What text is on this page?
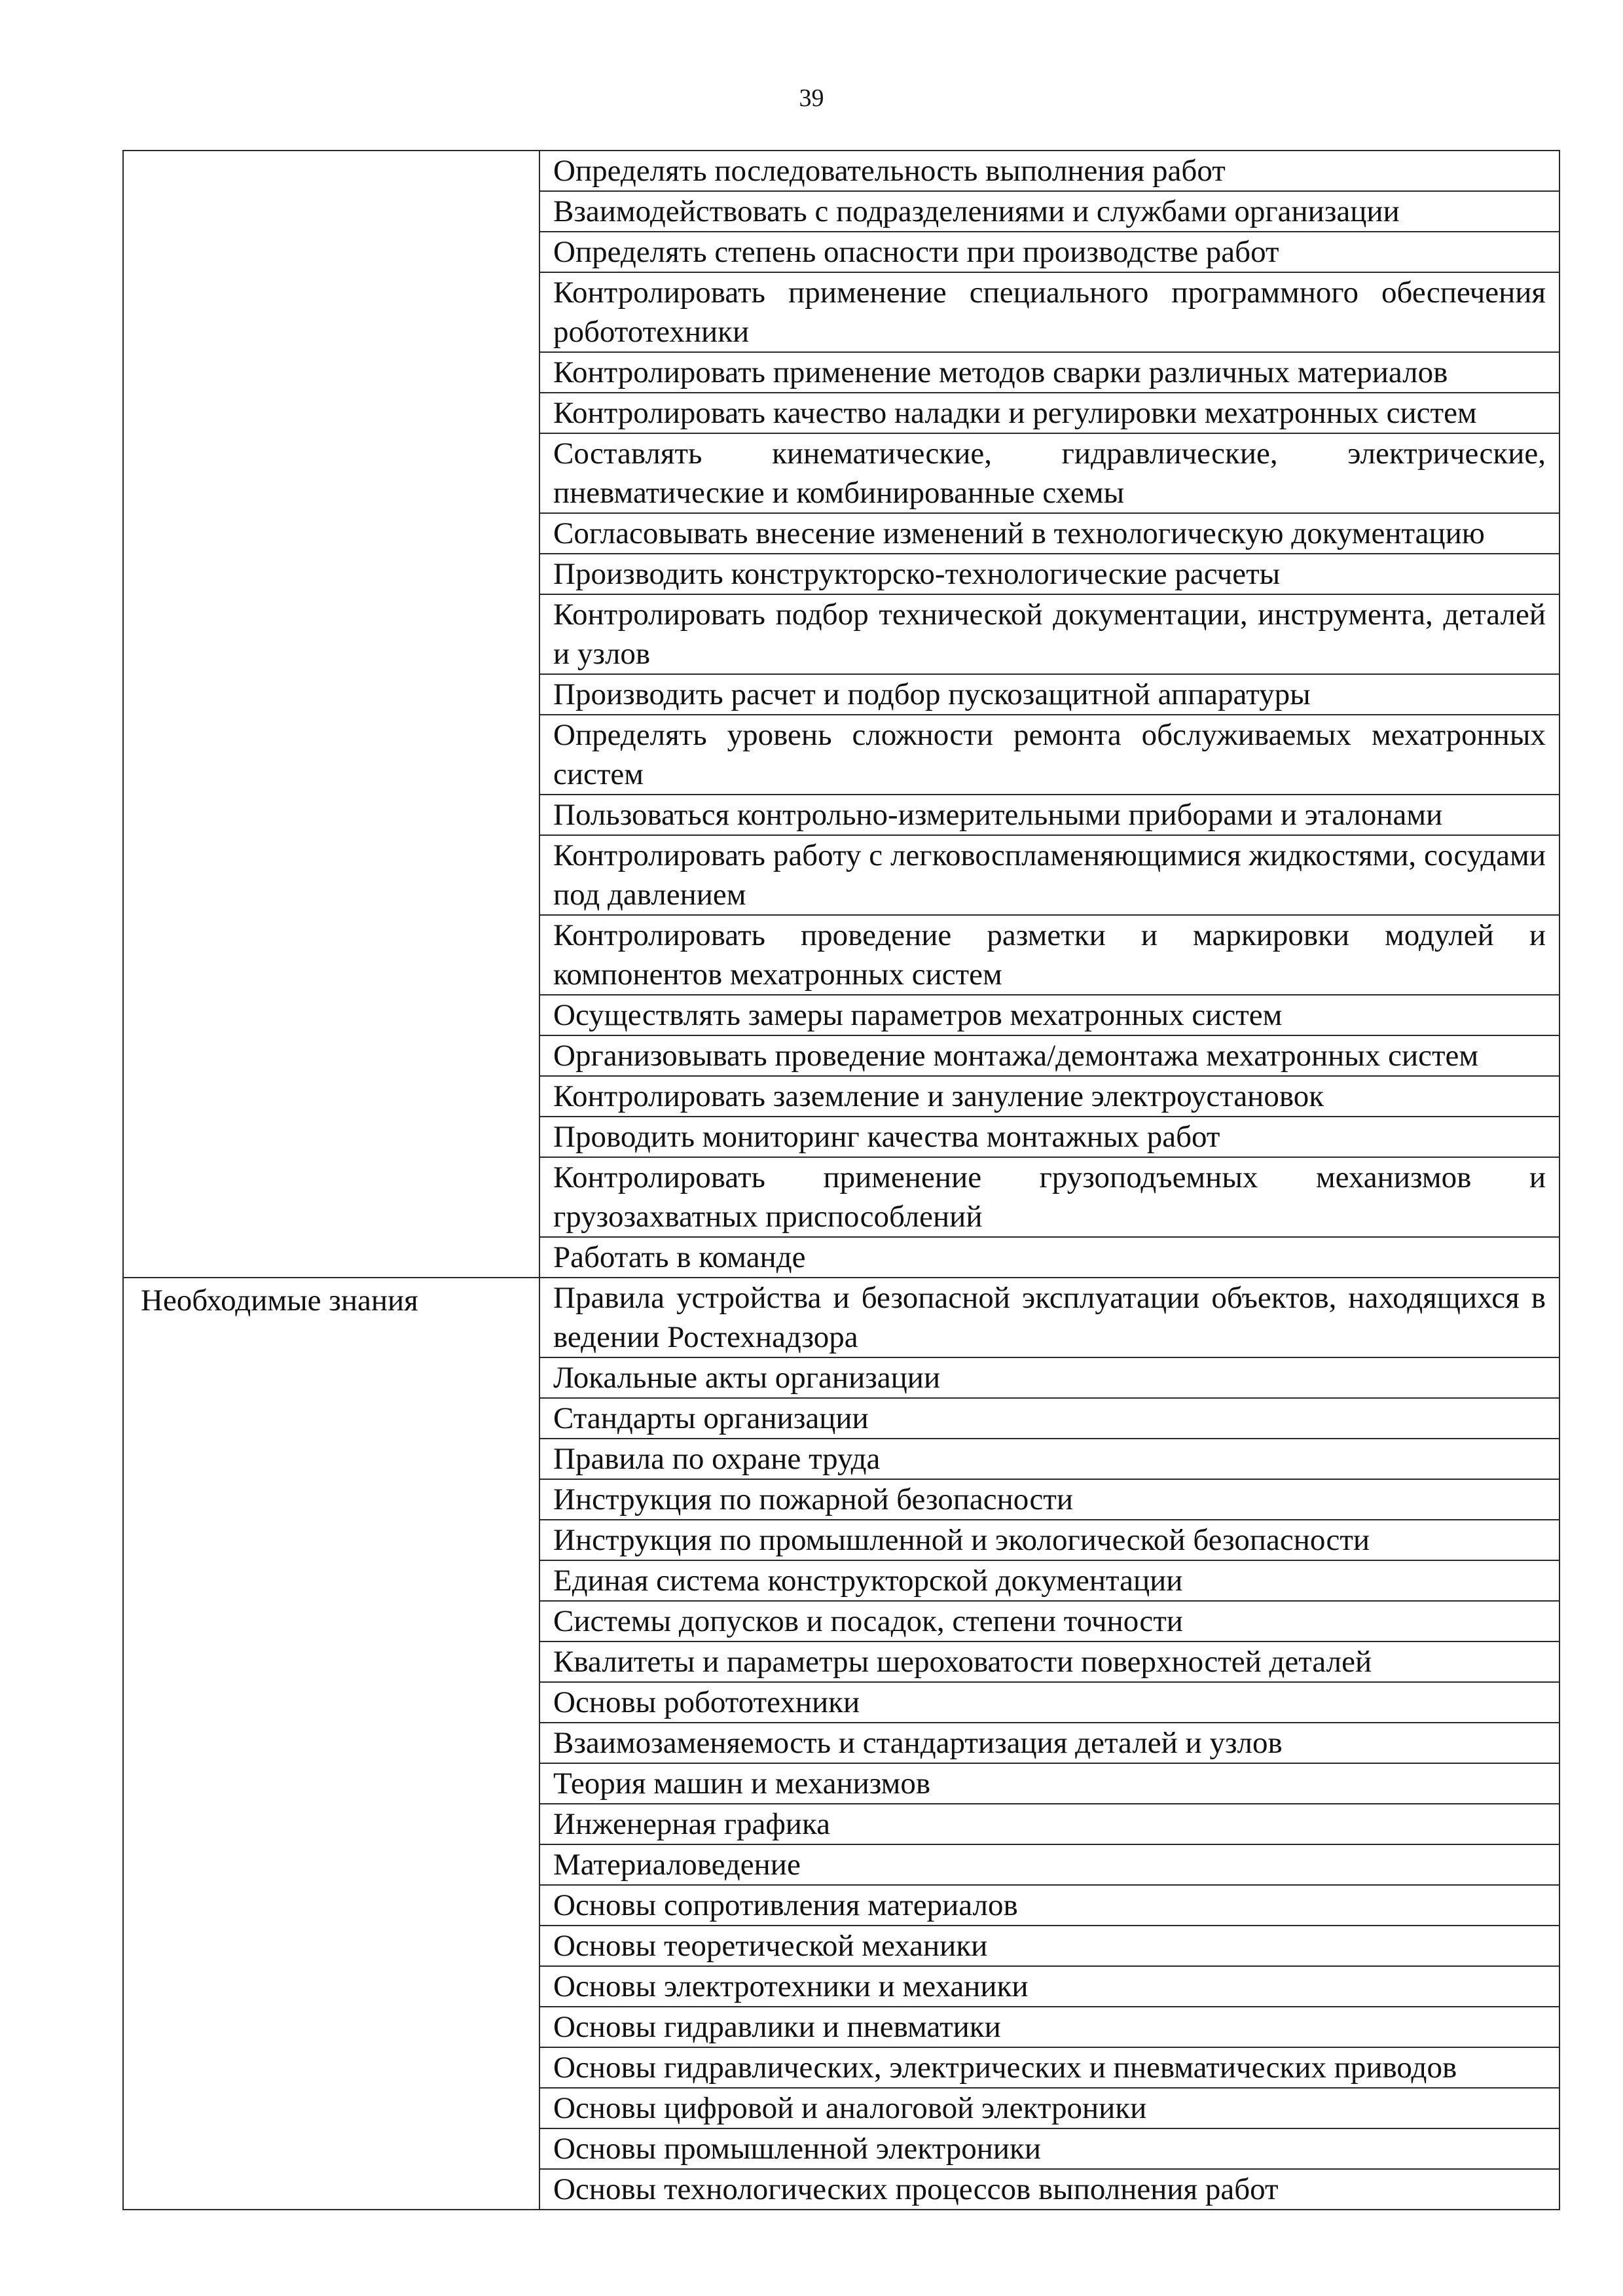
39
	Определять последовательность выполнения работ
	Взаимодействовать с подразделениями и службами организации
	Определять степень опасности при производстве работ
	Контролировать применение специального программного обеспечения робототехники
	Контролировать применение методов сварки различных материалов
	Контролировать качество наладки и регулировки мехатронных систем
	Составлять кинематические, гидравлические, электрические, пневматические и комбинированные схемы
	Согласовывать внесение изменений в технологическую документацию
	Производить конструкторско-технологические расчеты
	Контролировать подбор технической документации, инструмента, деталей и узлов
	Производить расчет и подбор пускозащитной аппаратуры
	Определять уровень сложности ремонта обслуживаемых мехатронных систем
	Пользоваться контрольно-измерительными приборами и эталонами
	Контролировать работу с легковоспламеняющимися жидкостями, сосудами под давлением
	Контролировать проведение разметки и маркировки модулей и компонентов мехатронных систем
	Осуществлять замеры параметров мехатронных систем
	Организовывать проведение монтажа/демонтажа мехатронных систем
	Контролировать заземление и зануление электроустановок
	Проводить мониторинг качества монтажных работ
	Контролировать применение грузоподъемных механизмов и грузозахватных приспособлений
	Работать в команде
Необходимые знания	Правила устройства и безопасной эксплуатации объектов, находящихся в ведении Ростехнадзора
	Локальные акты организации
	Стандарты организации
	Правила по охране труда
	Инструкция по пожарной безопасности
	Инструкция по промышленной и экологической безопасности
	Единая система конструкторской документации
	Системы допусков и посадок, степени точности
	Квалитеты и параметры шероховатости поверхностей деталей
	Основы робототехники
	Взаимозаменяемость и стандартизация деталей и узлов
	Теория машин и механизмов
	Инженерная графика
	Материаловедение
	Основы сопротивления материалов
	Основы теоретической механики
	Основы электротехники и механики
	Основы гидравлики и пневматики
	Основы гидравлических, электрических и пневматических приводов
	Основы цифровой и аналоговой электроники
	Основы промышленной электроники
	Основы технологических процессов выполнения работ
